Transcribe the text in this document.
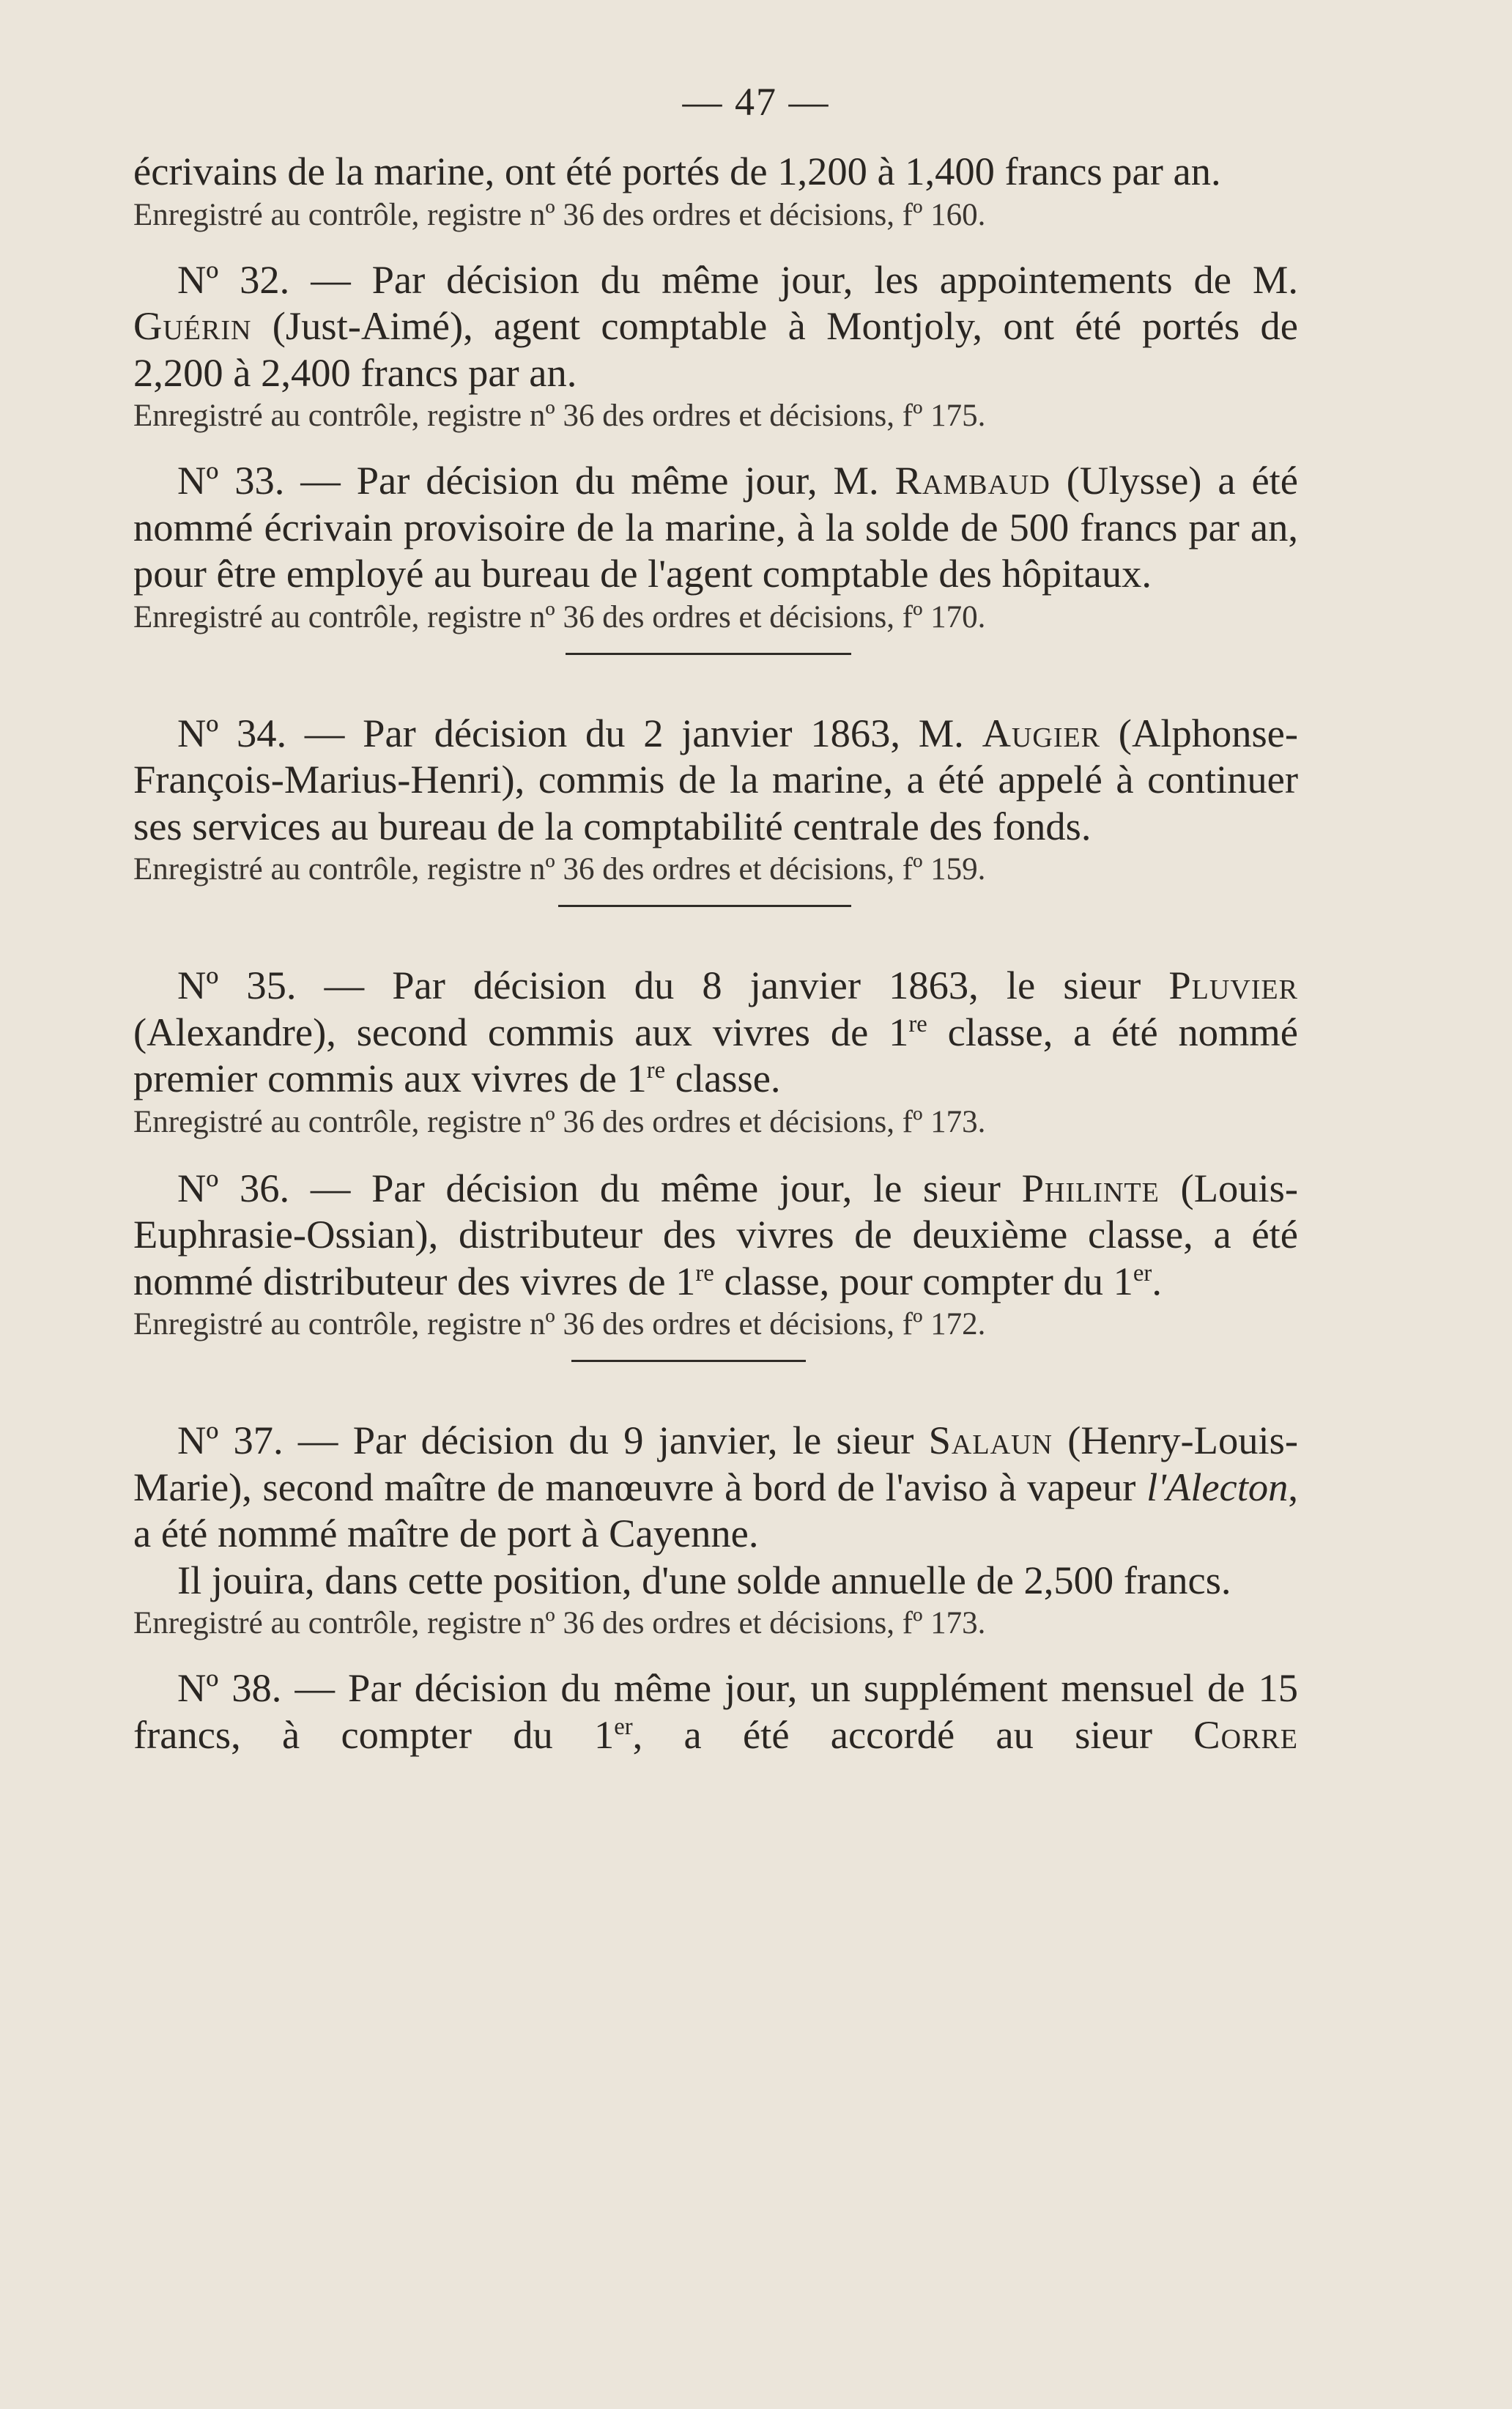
— 47 —

écrivains de la marine, ont été portés de 1,200 à 1,400 francs par an.

Enregistré au contrôle, registre nº 36 des ordres et décisions, fº 160.

Nº 32. — Par décision du même jour, les appointements de M. Guérin (Just-Aimé), agent comptable à Montjoly, ont été portés de 2,200 à 2,400 francs par an.

Enregistré au contrôle, registre nº 36 des ordres et décisions, fº 175.

Nº 33. — Par décision du même jour, M. Rambaud (Ulysse) a été nommé écrivain provisoire de la marine, à la solde de 500 francs par an, pour être employé au bureau de l'agent comptable des hôpitaux.

Enregistré au contrôle, registre nº 36 des ordres et décisions, fº 170.

Nº 34. — Par décision du 2 janvier 1863, M. Augier (Alphonse-François-Marius-Henri), commis de la marine, a été appelé à continuer ses services au bureau de la comptabilité centrale des fonds.

Enregistré au contrôle, registre nº 36 des ordres et décisions, fº 159.

Nº 35. — Par décision du 8 janvier 1863, le sieur Pluvier (Alexandre), second commis aux vivres de 1re classe, a été nommé premier commis aux vivres de 1re classe.

Enregistré au contrôle, registre nº 36 des ordres et décisions, fº 173.

Nº 36. — Par décision du même jour, le sieur Philinte (Louis-Euphrasie-Ossian), distributeur des vivres de deuxième classe, a été nommé distributeur des vivres de 1re classe, pour compter du 1er.

Enregistré au contrôle, registre nº 36 des ordres et décisions, fº 172.

Nº 37. — Par décision du 9 janvier, le sieur Salaun (Henry-Louis-Marie), second maître de manœuvre à bord de l'aviso à vapeur l'Alecton, a été nommé maître de port à Cayenne.

Il jouira, dans cette position, d'une solde annuelle de 2,500 francs.

Enregistré au contrôle, registre nº 36 des ordres et décisions, fº 173.

Nº 38. — Par décision du même jour, un supplément mensuel de 15 francs, à compter du 1er, a été accordé au sieur Corre
